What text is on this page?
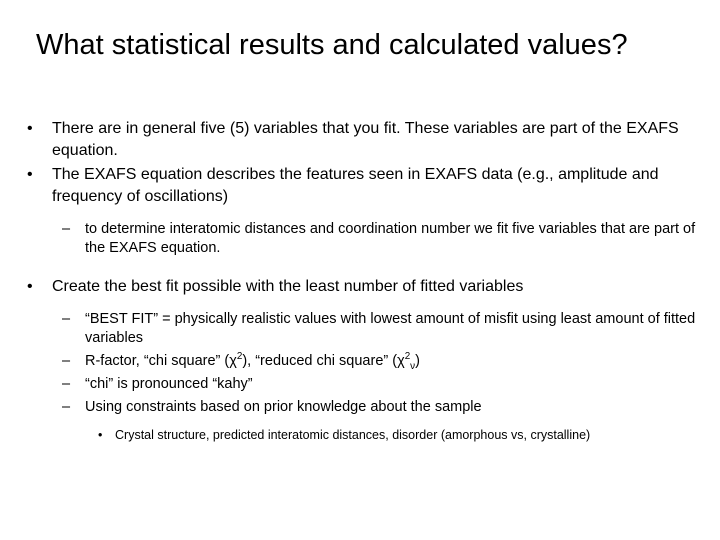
What statistical results and calculated values?
• There are in general five (5) variables that you fit. These variables are part of the EXAFS equation.
• The EXAFS equation describes the features seen in EXAFS data (e.g., amplitude and frequency of oscillations)
– to determine interatomic distances and coordination number we fit five variables that are part of the EXAFS equation.
• Create the best fit possible with the least number of fitted variables
– “BEST FIT” = physically realistic values with lowest amount of misfit using least amount of fitted variables
– R-factor, “chi square” $(\chi^2)$, “reduced chi square” $(\chi^2_\nu)$
– “chi” is pronounced “kahy”
– Using constraints based on prior knowledge about the sample
• Crystal structure, predicted interatomic distances, disorder (amorphous vs, crystalline)
